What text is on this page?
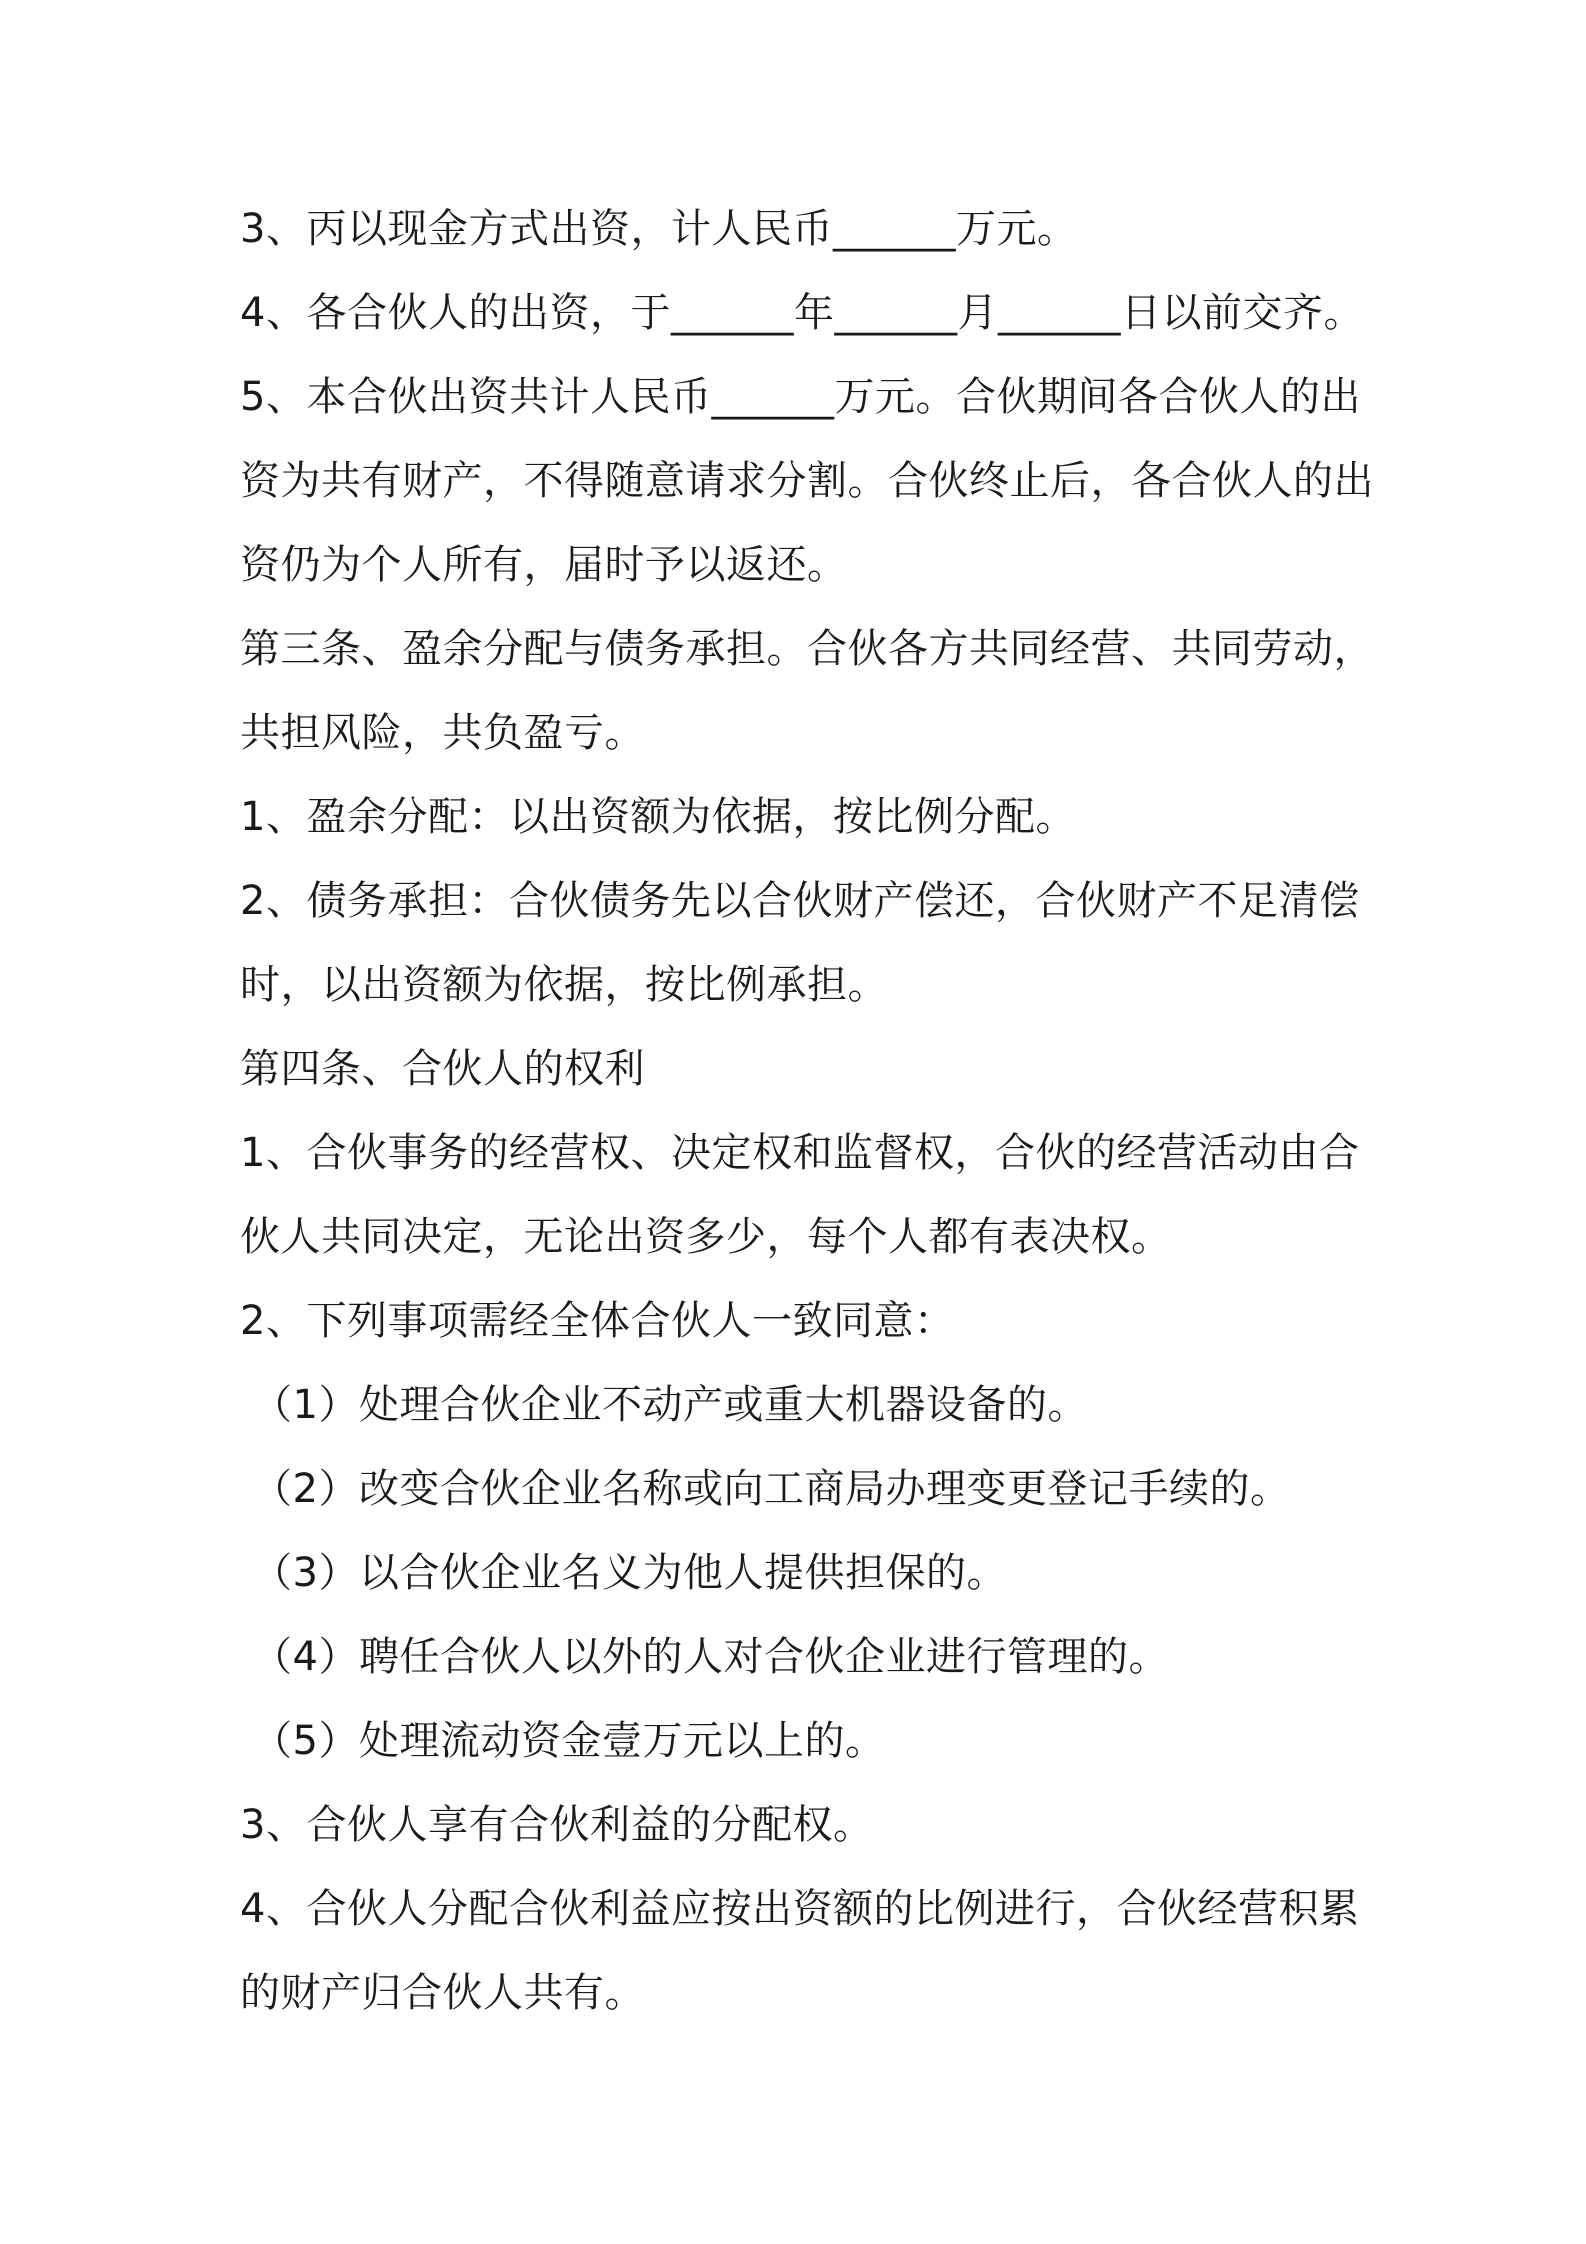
3、丙以现金方式出资，计人民币______万元。
4、各合伙人的出资，于______年______月______日以前交齐。
5、本合伙出资共计人民币______万元。合伙期间各合伙人的出
资为共有财产，不得随意请求分割。合伙终止后，各合伙人的出
资仍为个人所有，届时予以返还。
第三条、盈余分配与债务承担。合伙各方共同经营、共同劳动，
共担风险，共负盈亏。
1、盈余分配：以出资额为依据，按比例分配。
2、债务承担：合伙债务先以合伙财产偿还，合伙财产不足清偿
时，以出资额为依据，按比例承担。
第四条、合伙人的权利
1、合伙事务的经营权、决定权和监督权，合伙的经营活动由合
伙人共同决定，无论出资多少，每个人都有表决权。
2、下列事项需经全体合伙人一致同意：
（1）处理合伙企业不动产或重大机器设备的。
（2）改变合伙企业名称或向工商局办理变更登记手续的。
（3）以合伙企业名义为他人提供担保的。
（4）聘任合伙人以外的人对合伙企业进行管理的。
（5）处理流动资金壹万元以上的。
3、合伙人享有合伙利益的分配权。
4、合伙人分配合伙利益应按出资额的比例进行，合伙经营积累
的财产归合伙人共有。
